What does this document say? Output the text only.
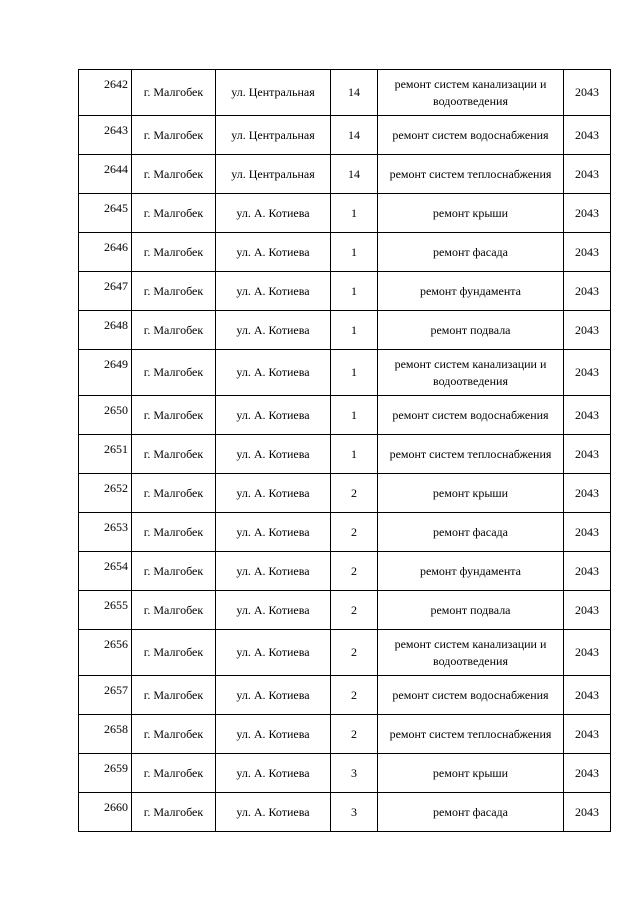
2642	г. Малгобек	ул. Центральная	14	ремонт систем канализации и водоотведения	2043
2643	г. Малгобек	ул. Центральная	14	ремонт систем водоснабжения	2043
2644	г. Малгобек	ул. Центральная	14	ремонт систем теплоснабжения	2043
2645	г. Малгобек	ул. А. Котиева	1	ремонт крыши	2043
2646	г. Малгобек	ул. А. Котиева	1	ремонт фасада	2043
2647	г. Малгобек	ул. А. Котиева	1	ремонт фундамента	2043
2648	г. Малгобек	ул. А. Котиева	1	ремонт подвала	2043
2649	г. Малгобек	ул. А. Котиева	1	ремонт систем канализации и водоотведения	2043
2650	г. Малгобек	ул. А. Котиева	1	ремонт систем водоснабжения	2043
2651	г. Малгобек	ул. А. Котиева	1	ремонт систем теплоснабжения	2043
2652	г. Малгобек	ул. А. Котиева	2	ремонт крыши	2043
2653	г. Малгобек	ул. А. Котиева	2	ремонт фасада	2043
2654	г. Малгобек	ул. А. Котиева	2	ремонт фундамента	2043
2655	г. Малгобек	ул. А. Котиева	2	ремонт подвала	2043
2656	г. Малгобек	ул. А. Котиева	2	ремонт систем канализации и водоотведения	2043
2657	г. Малгобек	ул. А. Котиева	2	ремонт систем водоснабжения	2043
2658	г. Малгобек	ул. А. Котиева	2	ремонт систем теплоснабжения	2043
2659	г. Малгобек	ул. А. Котиева	3	ремонт крыши	2043
2660	г. Малгобек	ул. А. Котиева	3	ремонт фасада	2043
